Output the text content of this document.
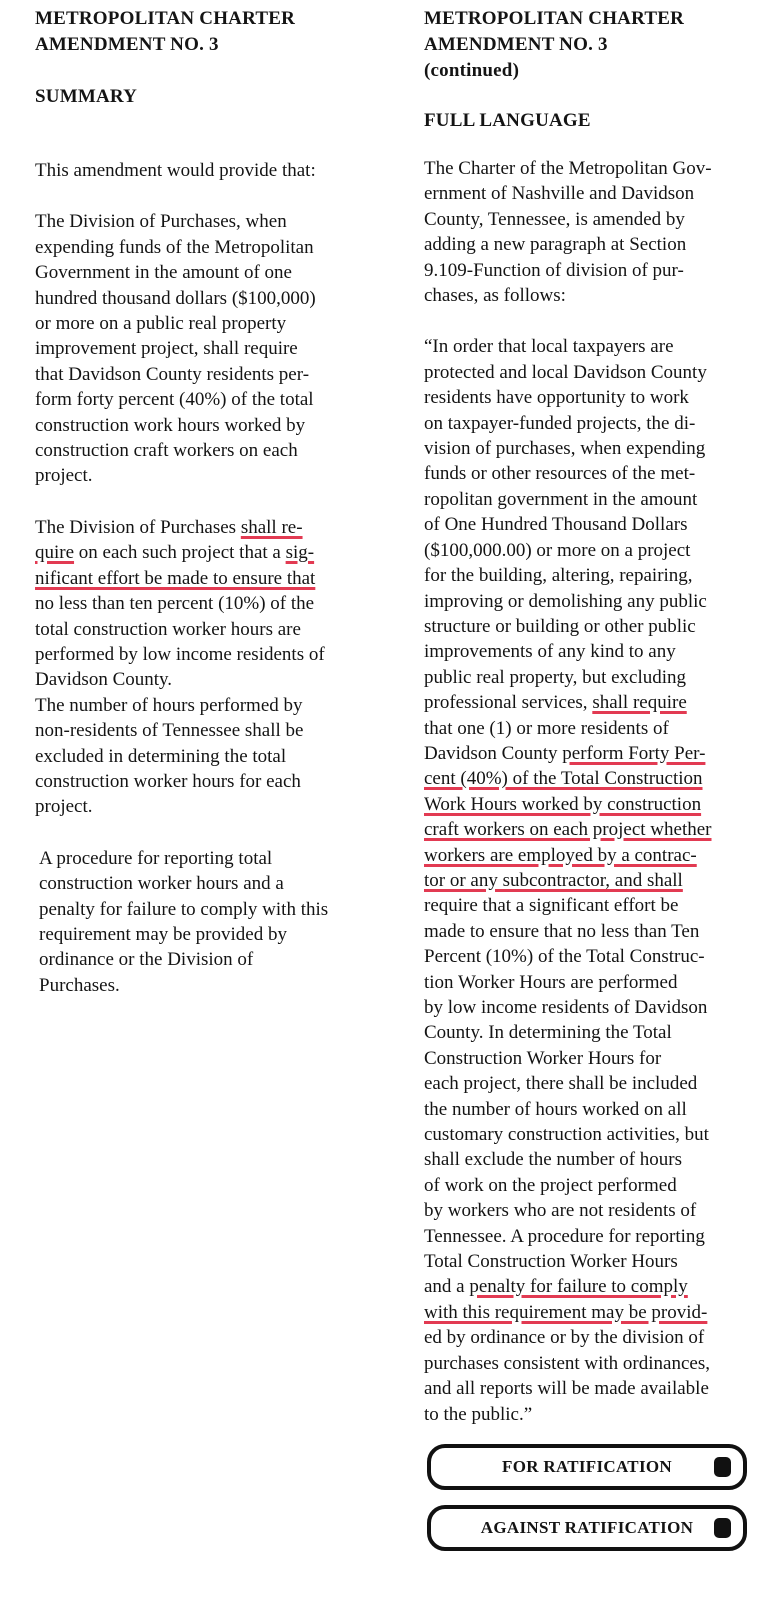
METROPOLITAN CHARTER
AMENDMENT NO. 3
SUMMARY

This amendment would provide that:

The Division of Purchases, when
expending funds of the Metropolitan
Government in the amount of one
hundred thousand dollars ($100,000)
or more on a public real property
improvement project, shall require
that Davidson County residents per-
form forty percent (40%) of the total
construction work hours worked by
construction craft workers on each
project.

The Division of Purchases shall re-
quire on each such project that a sig-
nificant effort be made to ensure that
no less than ten percent (10%) of the
total construction worker hours are
performed by low income residents of
Davidson County.
The number of hours performed by
non-residents of Tennessee shall be
excluded in determining the total
construction worker hours for each
project.

A procedure for reporting total
construction worker hours and a
penalty for failure to comply with this
requirement may be provided by
ordinance or the Division of
Purchases.

METROPOLITAN CHARTER
AMENDMENT NO. 3
(continued)
FULL LANGUAGE

The Charter of the Metropolitan Gov-
ernment of Nashville and Davidson
County, Tennessee, is amended by
adding a new paragraph at Section
9.109-Function of division of pur-
chases, as follows:

“In order that local taxpayers are
protected and local Davidson County
residents have opportunity to work
on taxpayer-funded projects, the di-
vision of purchases, when expending
funds or other resources of the met-
ropolitan government in the amount
of One Hundred Thousand Dollars
($100,000.00) or more on a project
for the building, altering, repairing,
improving or demolishing any public
structure or building or other public
improvements of any kind to any
public real property, but excluding
professional services, shall require
that one (1) or more residents of
Davidson County perform Forty Per-
cent (40%) of the Total Construction
Work Hours worked by construction
craft workers on each project whether
workers are employed by a contrac-
tor or any subcontractor, and shall
require that a significant effort be
made to ensure that no less than Ten
Percent (10%) of the Total Construc-
tion Worker Hours are performed
by low income residents of Davidson
County. In determining the Total
Construction Worker Hours for
each project, there shall be included
the number of hours worked on all
customary construction activities, but
shall exclude the number of hours
of work on the project performed
by workers who are not residents of
Tennessee. A procedure for reporting
Total Construction Worker Hours
and a penalty for failure to comply
with this requirement may be provid-
ed by ordinance or by the division of
purchases consistent with ordinances,
and all reports will be made available
to the public.”

FOR RATIFICATION
AGAINST RATIFICATION
